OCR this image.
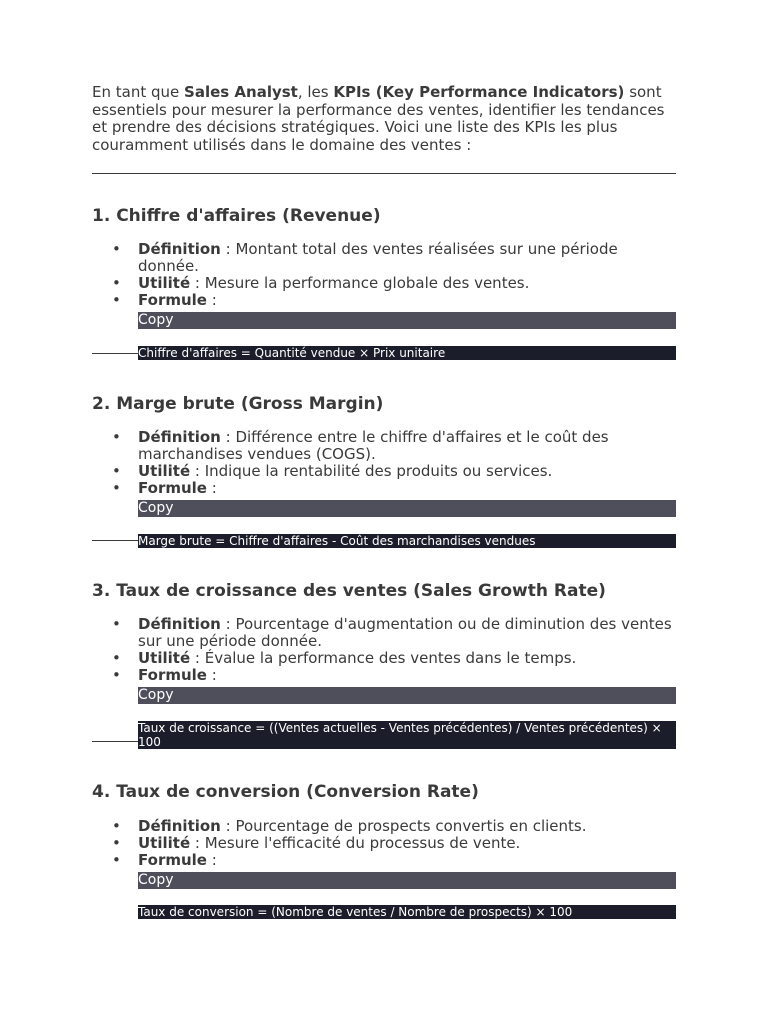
En tant que Sales Analyst, les KPIs (Key Performance Indicators) sont essentiels pour mesurer la performance des ventes, identifier les tendances et prendre des décisions stratégiques. Voici une liste des KPIs les plus couramment utilisés dans le domaine des ventes :

1. Chiffre d'affaires (Revenue)
• Définition : Montant total des ventes réalisées sur une période donnée.
• Utilité : Mesure la performance globale des ventes.
• Formule :
Copy
Chiffre d'affaires = Quantité vendue × Prix unitaire
2. Marge brute (Gross Margin)
• Définition : Différence entre le chiffre d'affaires et le coût des marchandises vendues (COGS).
• Utilité : Indique la rentabilité des produits ou services.
• Formule :
Copy
Marge brute = Chiffre d'affaires - Coût des marchandises vendues
3. Taux de croissance des ventes (Sales Growth Rate)
• Définition : Pourcentage d'augmentation ou de diminution des ventes sur une période donnée.
• Utilité : Évalue la performance des ventes dans le temps.
• Formule :
Copy
Taux de croissance = ((Ventes actuelles - Ventes précédentes) / Ventes précédentes) × 100
4. Taux de conversion (Conversion Rate)
• Définition : Pourcentage de prospects convertis en clients.
• Utilité : Mesure l'efficacité du processus de vente.
• Formule :
Copy
Taux de conversion = (Nombre de ventes / Nombre de prospects) × 100
